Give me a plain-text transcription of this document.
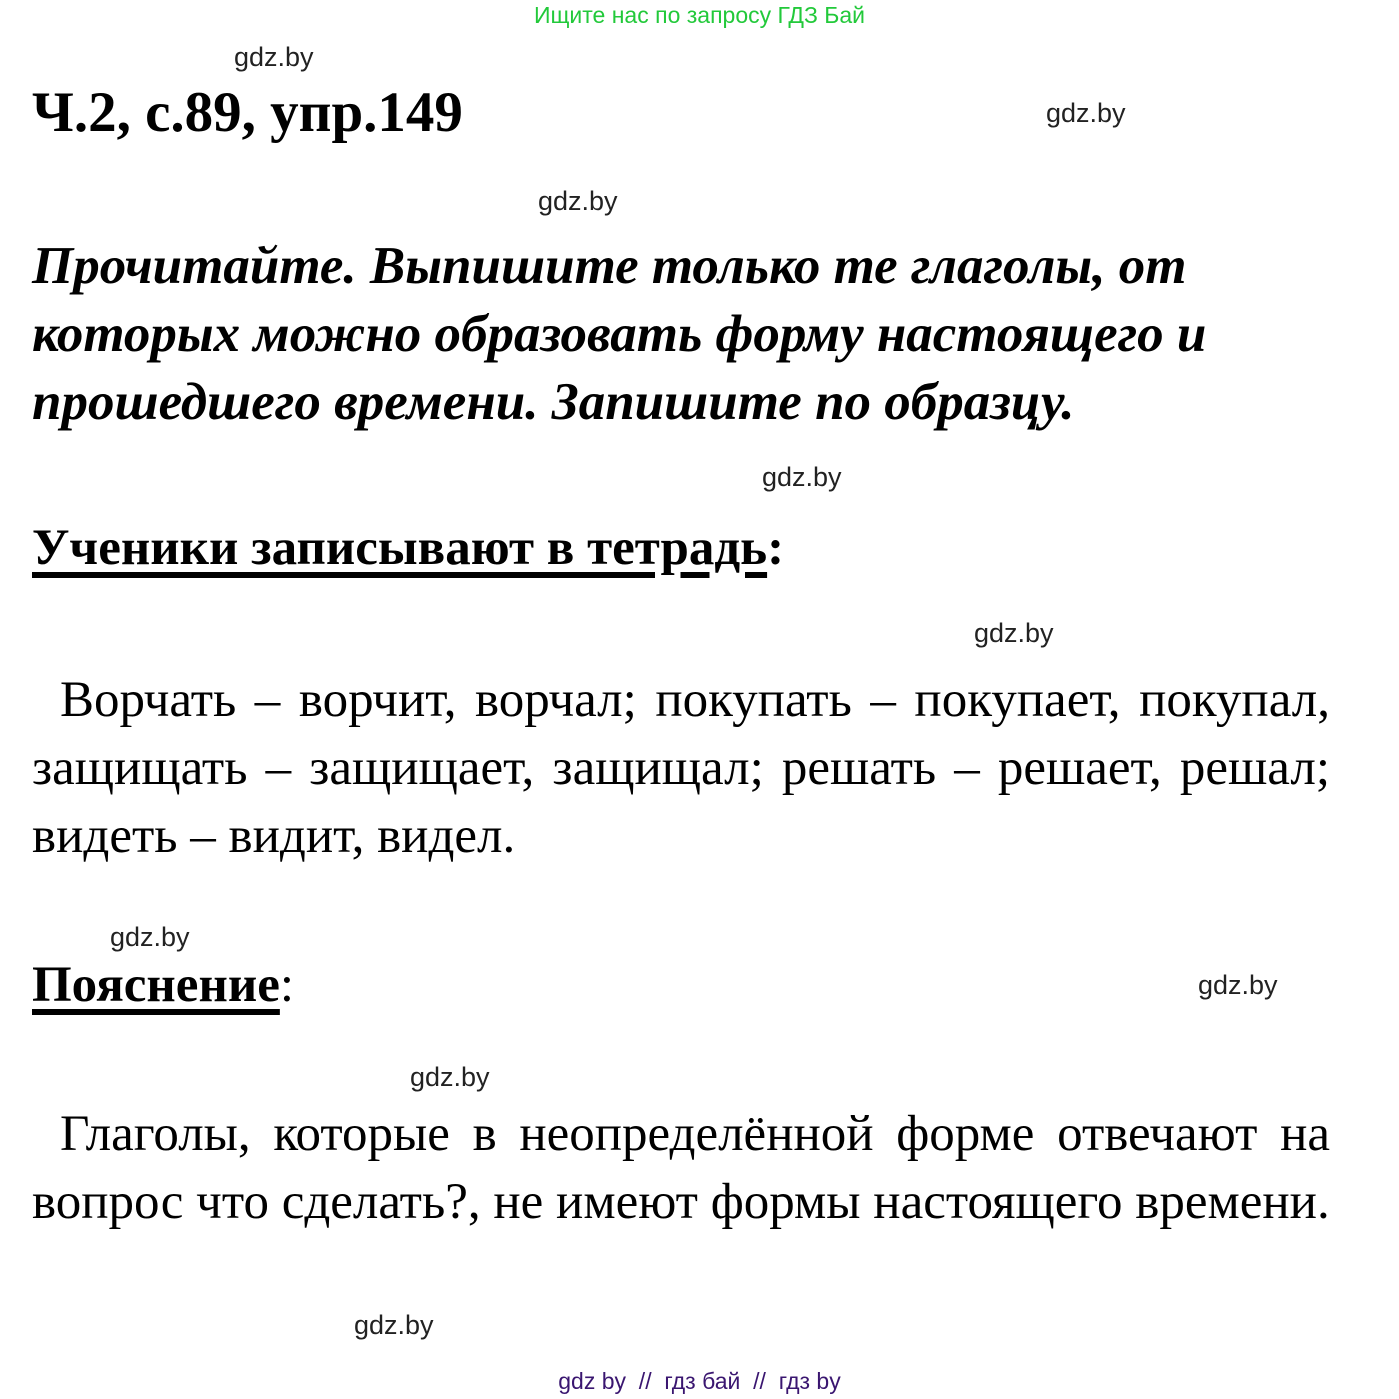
Ищите нас по запросу ГДЗ Бай
gdz.by
Ч.2, с.89, упр.149	gdz.by
gdz.by
Прочитайте. Выпишите только те глаголы, от которых можно образовать форму настоящего и прошедшего времени. Запишите по образцу.
gdz.by
Ученики записывают в тетрадь:
gdz.by
Ворчать – ворчит, ворчал; покупать – покупает, покупал, защищать – защищает, защищал; решать – решает, решал; видеть – видит, видел.
gdz.by
Пояснение:	gdz.by
gdz.by
Глаголы, которые в неопределённой форме отвечают на вопрос что сделать?, не имеют формы настоящего времени.
gdz.by
gdz by  //  гдз бай  //  гдз by
